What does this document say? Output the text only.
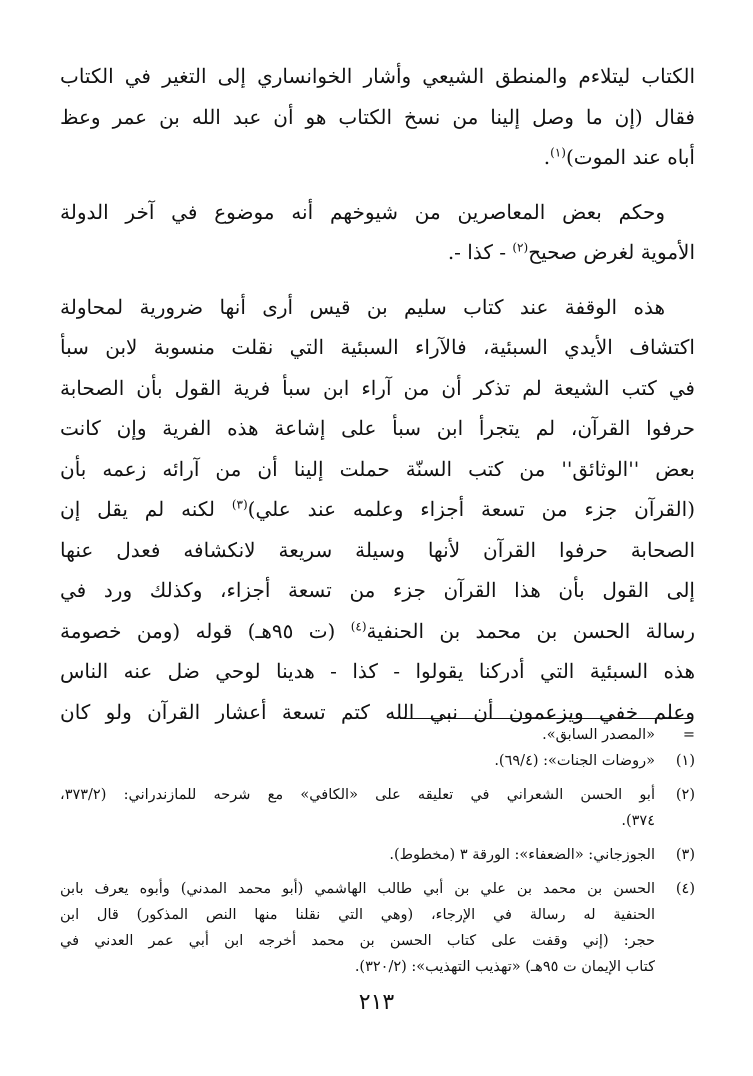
الكتاب ليتلاءم والمنطق الشيعي وأشار الخوانساري إلى التغير في الكتاب
فقال (إن ما وصل إلينا من نسخ الكتاب هو أن عبد الله بن عمر وعظ
أباه عند الموت)$^{(١)}$.
وحكم بعض المعاصرين من شيوخهم أنه موضوع في آخر الدولة
الأموية لغرض صحيح$^{(٢)}$ - كذا -.
هذه الوقفة عند كتاب سليم بن قيس أرى أنها ضرورية لمحاولة
اكتشاف الأيدي السبئية، فالآراء السبئية التي نقلت منسوبة لابن سبأ
في كتب الشيعة لم تذكر أن من آراء ابن سبأ فرية القول بأن الصحابة
حرفوا القرآن، لم يتجرأ ابن سبأ على إشاعة هذه الفرية وإن كانت
بعض ''الوثائق'' من كتب السنّة حملت إلينا أن من آرائه زعمه بأن
(القرآن جزء من تسعة أجزاء وعلمه عند علي)$^{(٣)}$ لكنه لم يقل إن
الصحابة حرفوا القرآن لأنها وسيلة سريعة لانكشافه فعدل عنها
إلى القول بأن هذا القرآن جزء من تسعة أجزاء، وكذلك ورد في
رسالة الحسن بن محمد بن الحنفية$^{(٤)}$ (ت ٩٥هـ) قوله (ومن خصومة
هذه السبئية التي أدركنا يقولوا - كذا - هدينا لوحي ضل عنه الناس
وعلم خفي ويزعمون أن نبي الله كتم تسعة أعشار القرآن ولو كان
=
«المصدر السابق».
(١)
«روضات الجنات»: (٦٩/٤).
(٢)
أبو الحسن الشعراني في تعليقه على «الكافي» مع شرحه للمازندراني: (٣٧٣/٢،
٣٧٤).
(٣)
الجوزجاني: «الضعفاء»: الورقة ٣ (مخطوط).
(٤)
الحسن بن محمد بن علي بن أبي طالب الهاشمي (أبو محمد المدني) وأبوه يعرف بابن
الحنفية له رسالة في الإرجاء، (وهي التي نقلنا منها النص المذكور) قال ابن
حجر: (إني وقفت على كتاب الحسن بن محمد أخرجه ابن أبي عمر العدني في
كتاب الإيمان ت ٩٥هـ) «تهذيب التهذيب»: (٣٢٠/٢).
٢١٣
